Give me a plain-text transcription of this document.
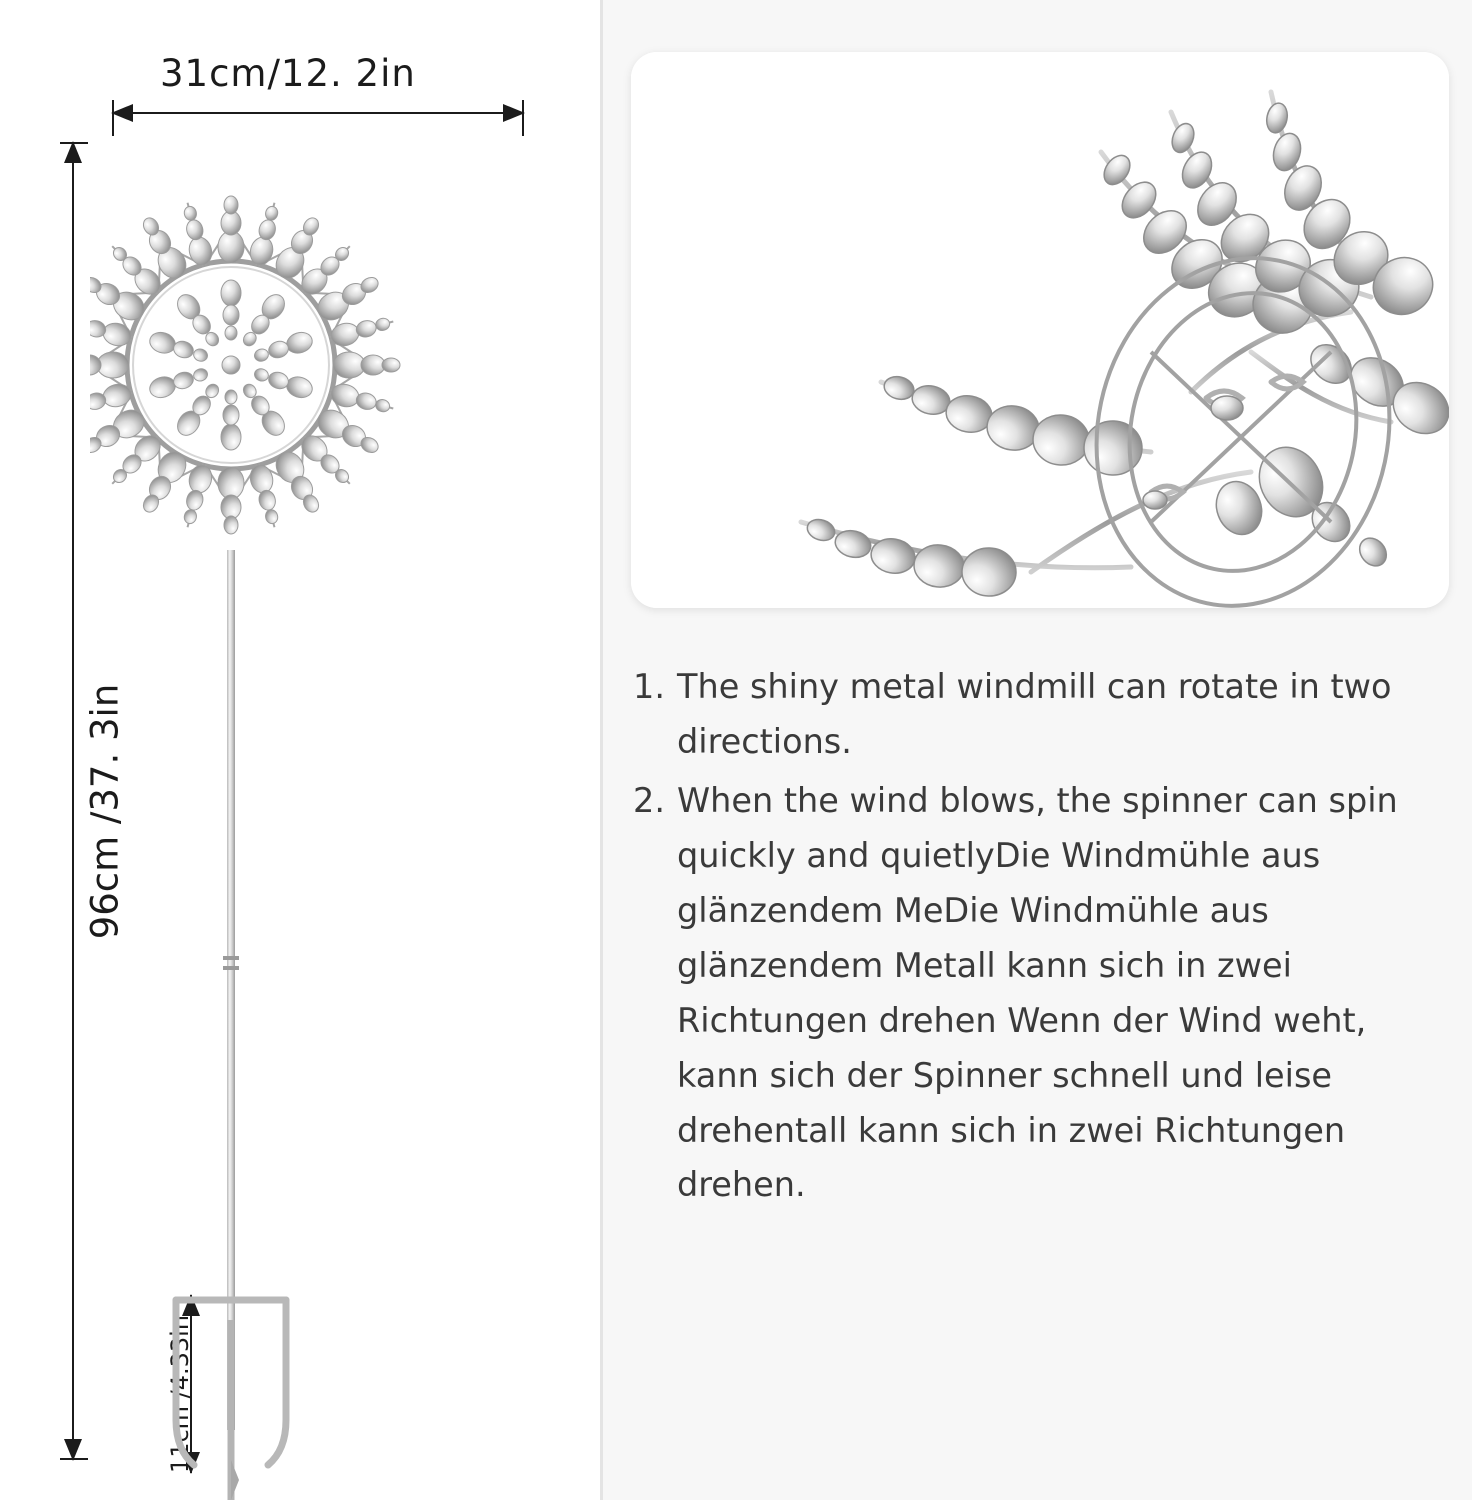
31cm/12. 2in
96cm /37. 3in
11cm /4.33in
1. The shiny metal windmill can rotate in two directions.
2. When the wind blows, the spinner can spin quickly and quietlyDie Windmühle aus glänzendem MeDie Windmühle aus glänzendem Metall kann sich in zwei Richtungen drehen Wenn der Wind weht, kann sich der Spinner schnell und leise drehentall kann sich in zwei Richtungen drehen.
